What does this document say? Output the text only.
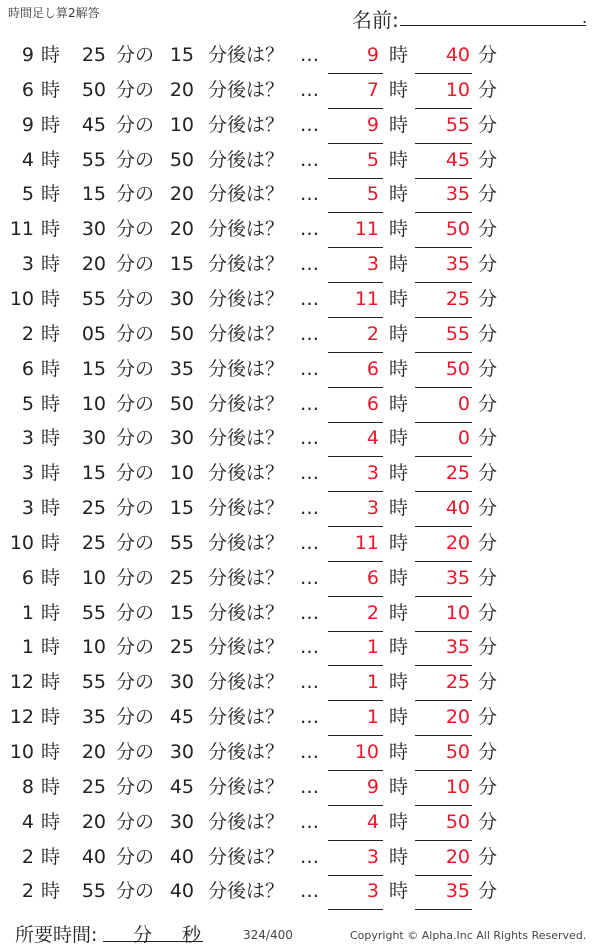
時間足し算2解答	名前:	.
9 時	25 分の 15 分後は？ …	9 時	40 分
6 時	50 分の 20 分後は？ …	7 時	10 分
9 時	45 分の 10 分後は？ …	9 時	55 分
4 時	55 分の 50 分後は？ …	5 時	45 分
5 時	15 分の 20 分後は？ …	5 時	35 分
11 時	30 分の 20 分後は？ …	11 時	50 分
3 時	20 分の 15 分後は？ …	3 時	35 分
10 時	55 分の 30 分後は？ …	11 時	25 分
2 時	05 分の 50 分後は？ …	2 時	55 分
6 時	15 分の 35 分後は？ …	6 時	50 分
5 時	10 分の 50 分後は？ …	6 時	0 分
3 時	30 分の 30 分後は？ …	4 時	0 分
3 時	15 分の 10 分後は？ …	3 時	25 分
3 時	25 分の 15 分後は？ …	3 時	40 分
10 時	25 分の 55 分後は？ …	11 時	20 分
6 時	10 分の 25 分後は？ …	6 時	35 分
1 時	55 分の 15 分後は？ …	2 時	10 分
1 時	10 分の 25 分後は？ …	1 時	35 分
12 時	55 分の 30 分後は？ …	1 時	25 分
12 時	35 分の 45 分後は？ …	1 時	20 分
10 時	20 分の 30 分後は？ …	10 時	50 分
8 時	25 分の 45 分後は？ …	9 時	10 分
4 時	20 分の 30 分後は？ …	4 時	50 分
2 時	40 分の 40 分後は？ …	3 時	20 分
2 時	55 分の 40 分後は？ …	3 時	35 分
所要時間: 分 秒	324/400	Copyright © Alpha.Inc All Rights Reserved.
